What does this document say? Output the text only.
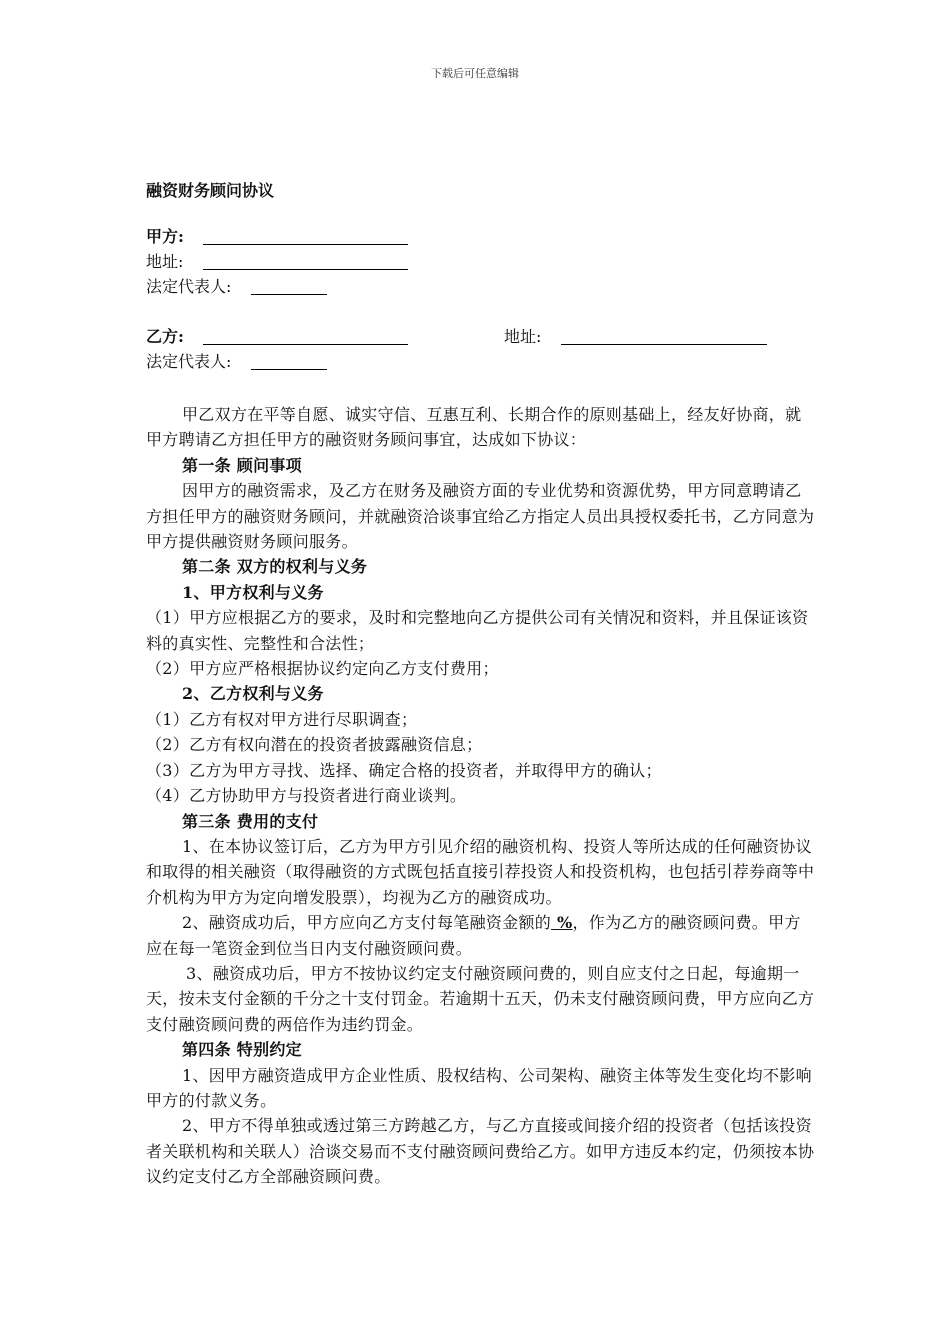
下载后可任意编辑
融资财务顾问协议
甲方:
地址:
法定代表人:
乙方:	地址:
法定代表人:

甲乙双方在平等自愿、诚实守信、互惠互利、长期合作的原则基础上，经友好协商，就甲方聘请乙方担任甲方的融资财务顾问事宜，达成如下协议：

第一条 顾问事项

因甲方的融资需求，及乙方在财务及融资方面的专业优势和资源优势，甲方同意聘请乙方担任甲方的融资财务顾问，并就融资洽谈事宜给乙方指定人员出具授权委托书，乙方同意为甲方提供融资财务顾问服务。

第二条 双方的权利与义务

1、甲方权利与义务

（1）甲方应根据乙方的要求，及时和完整地向乙方提供公司有关情况和资料，并且保证该资料的真实性、完整性和合法性；

（2）甲方应严格根据协议约定向乙方支付费用；

2、乙方权利与义务

（1）乙方有权对甲方进行尽职调查；

（2）乙方有权向潜在的投资者披露融资信息；

（3）乙方为甲方寻找、选择、确定合格的投资者，并取得甲方的确认；

（4）乙方协助甲方与投资者进行商业谈判。

第三条 费用的支付

1、在本协议签订后，乙方为甲方引见介绍的融资机构、投资人等所达成的任何融资协议和取得的相关融资（取得融资的方式既包括直接引荐投资人和投资机构，也包括引荐券商等中介机构为甲方为定向增发股票），均视为乙方的融资成功。

2、融资成功后，甲方应向乙方支付每笔融资金额的 %，作为乙方的融资顾问费。甲方应在每一笔资金到位当日内支付融资顾问费。

3、融资成功后，甲方不按协议约定支付融资顾问费的，则自应支付之日起，每逾期一天，按未支付金额的千分之十支付罚金。若逾期十五天，仍未支付融资顾问费，甲方应向乙方支付融资顾问费的两倍作为违约罚金。

第四条 特别约定

1、因甲方融资造成甲方企业性质、股权结构、公司架构、融资主体等发生变化均不影响甲方的付款义务。

2、甲方不得单独或透过第三方跨越乙方，与乙方直接或间接介绍的投资者（包括该投资者关联机构和关联人）洽谈交易而不支付融资顾问费给乙方。如甲方违反本约定，仍须按本协议约定支付乙方全部融资顾问费。
